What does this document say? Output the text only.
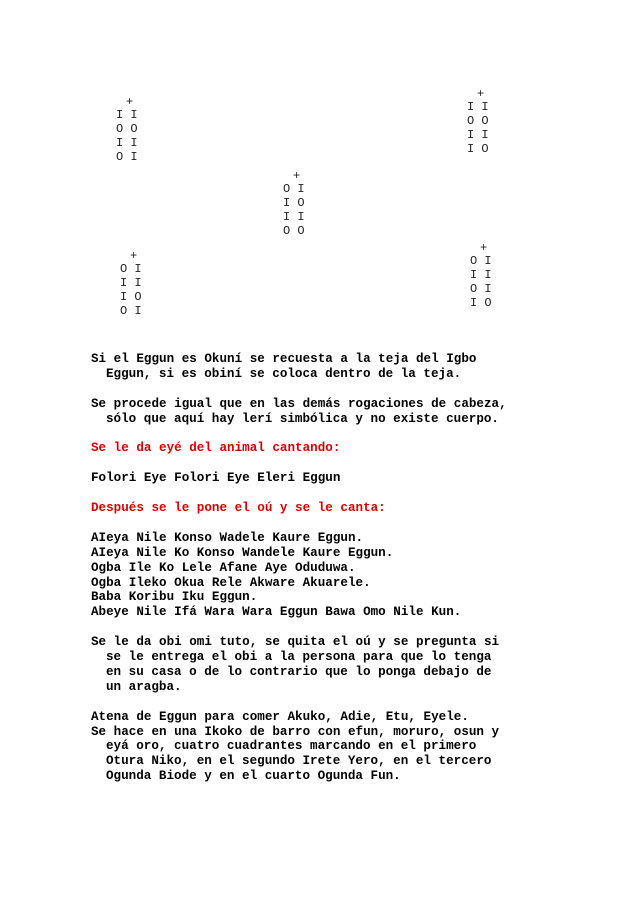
+
I I
O O
I I
O I
+
O I
I O
I I
O O
+
I I
O O
I I
I O
+
O I
I I
I O
O I
+
O I
I I
O I
I O
Si el Eggun es Okuní se recuesta a la teja del Igbo
Eggun, si es obiní se coloca dentro de la teja.
Se procede igual que en las demás rogaciones de cabeza,
sólo que aquí hay lerí simbólica y no existe cuerpo.
Se le da eyé del animal cantando:
Folori Eye Folori Eye Eleri Eggun
Después se le pone el oú y se le canta:
AIeya Nile Konso Wadele Kaure Eggun.
AIeya Nile Ko Konso Wandele Kaure Eggun.
Ogba Ile Ko Lele Afane Aye Oduduwa.
Ogba Ileko Okua Rele Akware Akuarele.
Baba Koribu Iku Eggun.
Abeye Nile Ifá Wara Wara Eggun Bawa Omo Nile Kun.
Se le da obi omi tuto, se quita el oú y se pregunta si
se le entrega el obi a la persona para que lo tenga
en su casa o de lo contrario que lo ponga debajo de
un aragba.
Atena de Eggun para comer Akuko, Adie, Etu, Eyele.
Se hace en una Ikoko de barro con efun, moruro, osun y
eyá oro, cuatro cuadrantes marcando en el primero
Otura Niko, en el segundo Irete Yero, en el tercero
Ogunda Biode y en el cuarto Ogunda Fun.
